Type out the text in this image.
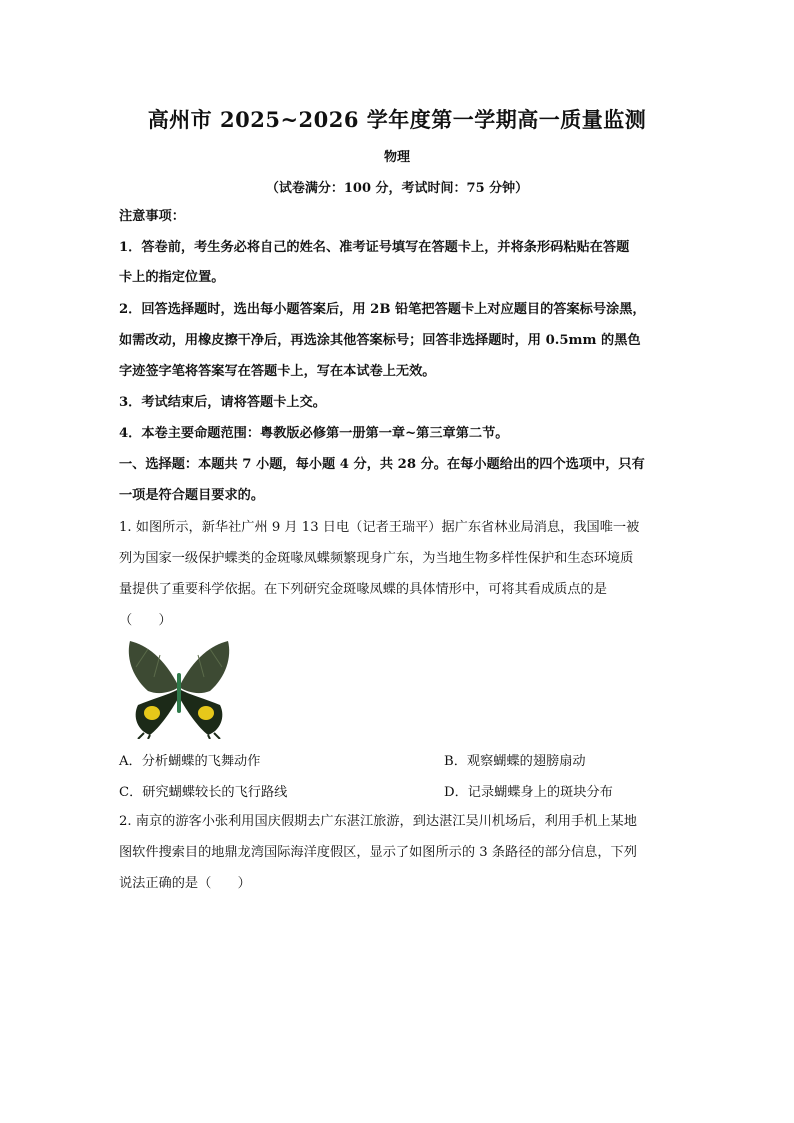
高州市 2025~2026 学年度第一学期高一质量监测
物理
（试卷满分：100 分，考试时间：75 分钟）
注意事项：
1．答卷前，考生务必将自己的姓名、准考证号填写在答题卡上，并将条形码粘贴在答题
卡上的指定位置。
2．回答选择题时，选出每小题答案后，用 2B 铅笔把答题卡上对应题目的答案标号涂黑，
如需改动，用橡皮擦干净后，再选涂其他答案标号；回答非选择题时，用 0.5mm 的黑色
字迹签字笔将答案写在答题卡上，写在本试卷上无效。
3．考试结束后，请将答题卡上交。
4．本卷主要命题范围：粤教版必修第一册第一章~第三章第二节。
一、选择题：本题共 7 小题，每小题 4 分，共 28 分。在每小题给出的四个选项中，只有
一项是符合题目要求的。
1. 如图所示，新华社广州 9 月 13 日电（记者王瑞平）据广东省林业局消息，我国唯一被
列为国家一级保护蝶类的金斑喙凤蝶频繁现身广东，为当地生物多样性保护和生态环境质
量提供了重要科学依据。在下列研究金斑喙凤蝶的具体情形中，可将其看成质点的是
（　　）
A．分析蝴蝶的飞舞动作	B．观察蝴蝶的翅膀扇动
C．研究蝴蝶较长的飞行路线	D．记录蝴蝶身上的斑块分布
2. 南京的游客小张利用国庆假期去广东湛江旅游，到达湛江吴川机场后，利用手机上某地
图软件搜索目的地鼎龙湾国际海洋度假区，显示了如图所示的 3 条路径的部分信息，下列
说法正确的是（　　）
